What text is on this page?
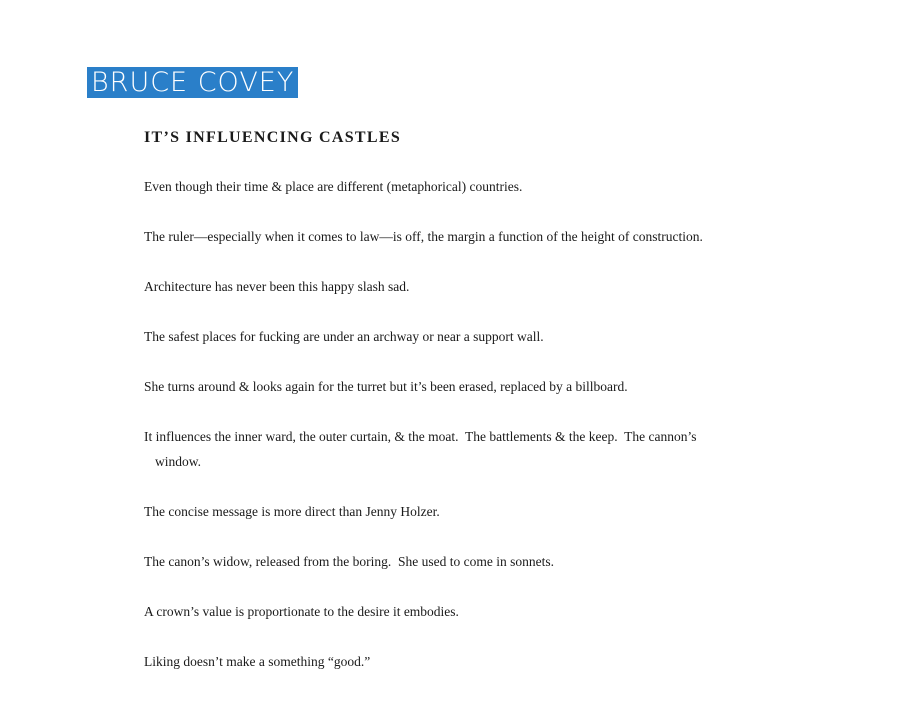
BRUCE COVEY
IT’S INFLUENCING CASTLES
Even though their time & place are different (metaphorical) countries.
The ruler—especially when it comes to law—is off, the margin a function of the height of construction.
Architecture has never been this happy slash sad.
The safest places for fucking are under an archway or near a support wall.
She turns around & looks again for the turret but it’s been erased, replaced by a billboard.
It influences the inner ward, the outer curtain, & the moat.  The battlements & the keep.  The cannon’s window.
The concise message is more direct than Jenny Holzer.
The canon’s widow, released from the boring.  She used to come in sonnets.
A crown’s value is proportionate to the desire it embodies.
Liking doesn’t make a something “good.”
